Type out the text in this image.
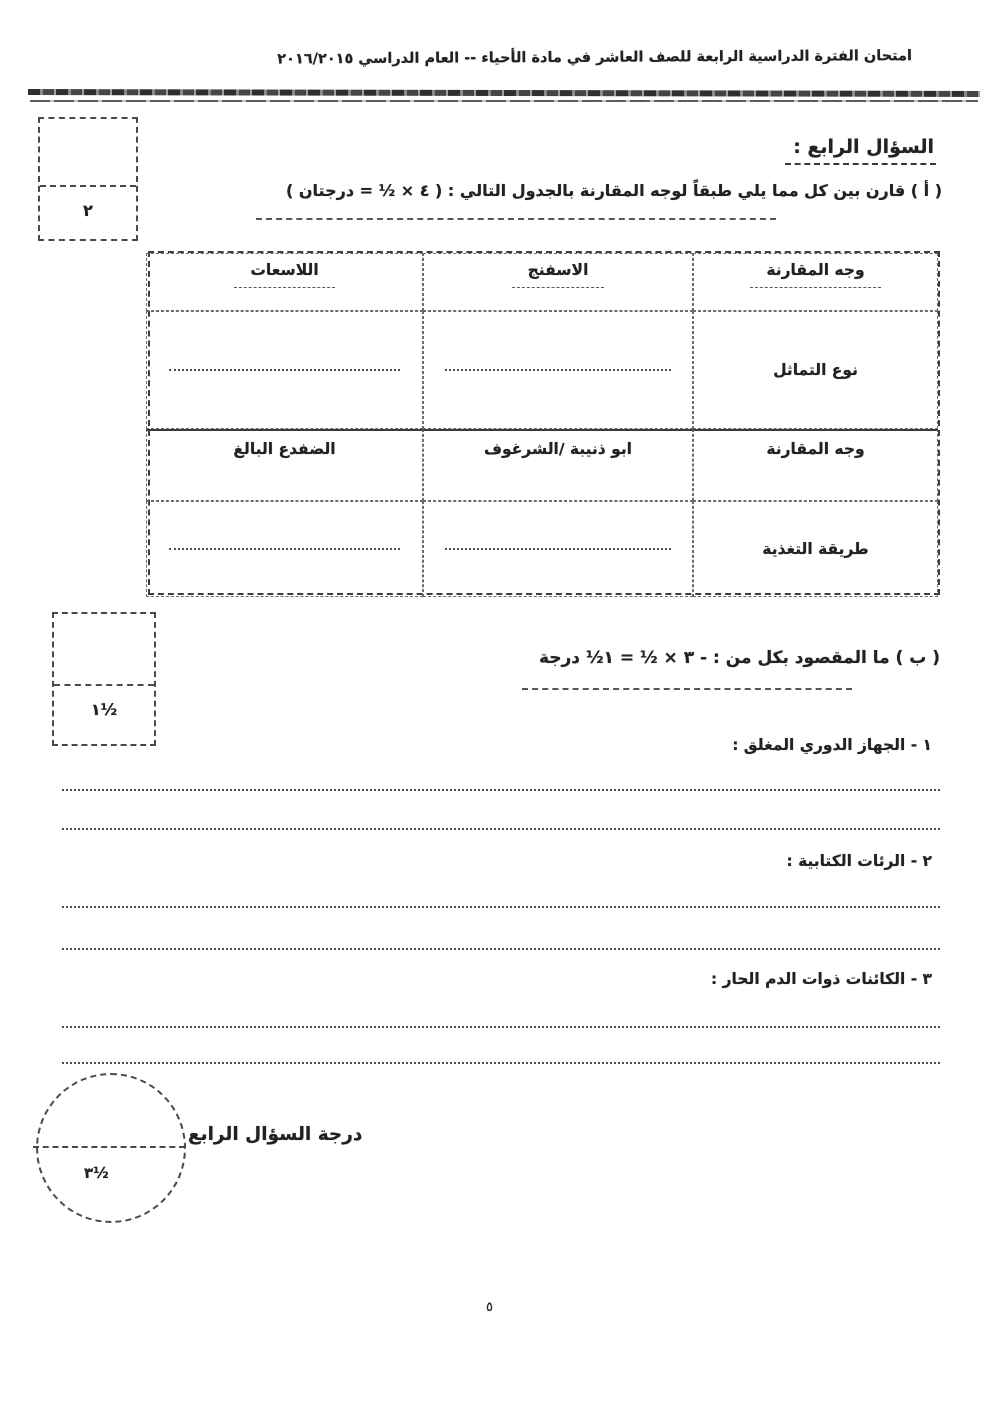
امتحان الفترة الدراسية الرابعة للصف العاشر في مادة الأحياء -- العام الدراسي ٢٠١٦/٢٠١٥
٢
السؤال الرابع :
( أ ) قارن بين كل مما يلي طبقاً لوجه المقارنة بالجدول التالي : ( ٤ × ½ = درجتان )
وجه المقارنة
الاسفنج
اللاسعات
نوع التماثل
وجه المقارنة
ابو ذنيبة /الشرغوف
الضفدع البالغ
طريقة التغذية
١½
( ب ) ما المقصود بكل من : - ٣ × ½ = ١½ درجة
١ - الجهاز الدوري المغلق :
٢ - الرئات الكتابية :
٣ - الكائنات ذوات الدم الحار :
درجة السؤال الرابع
٣½
٥
